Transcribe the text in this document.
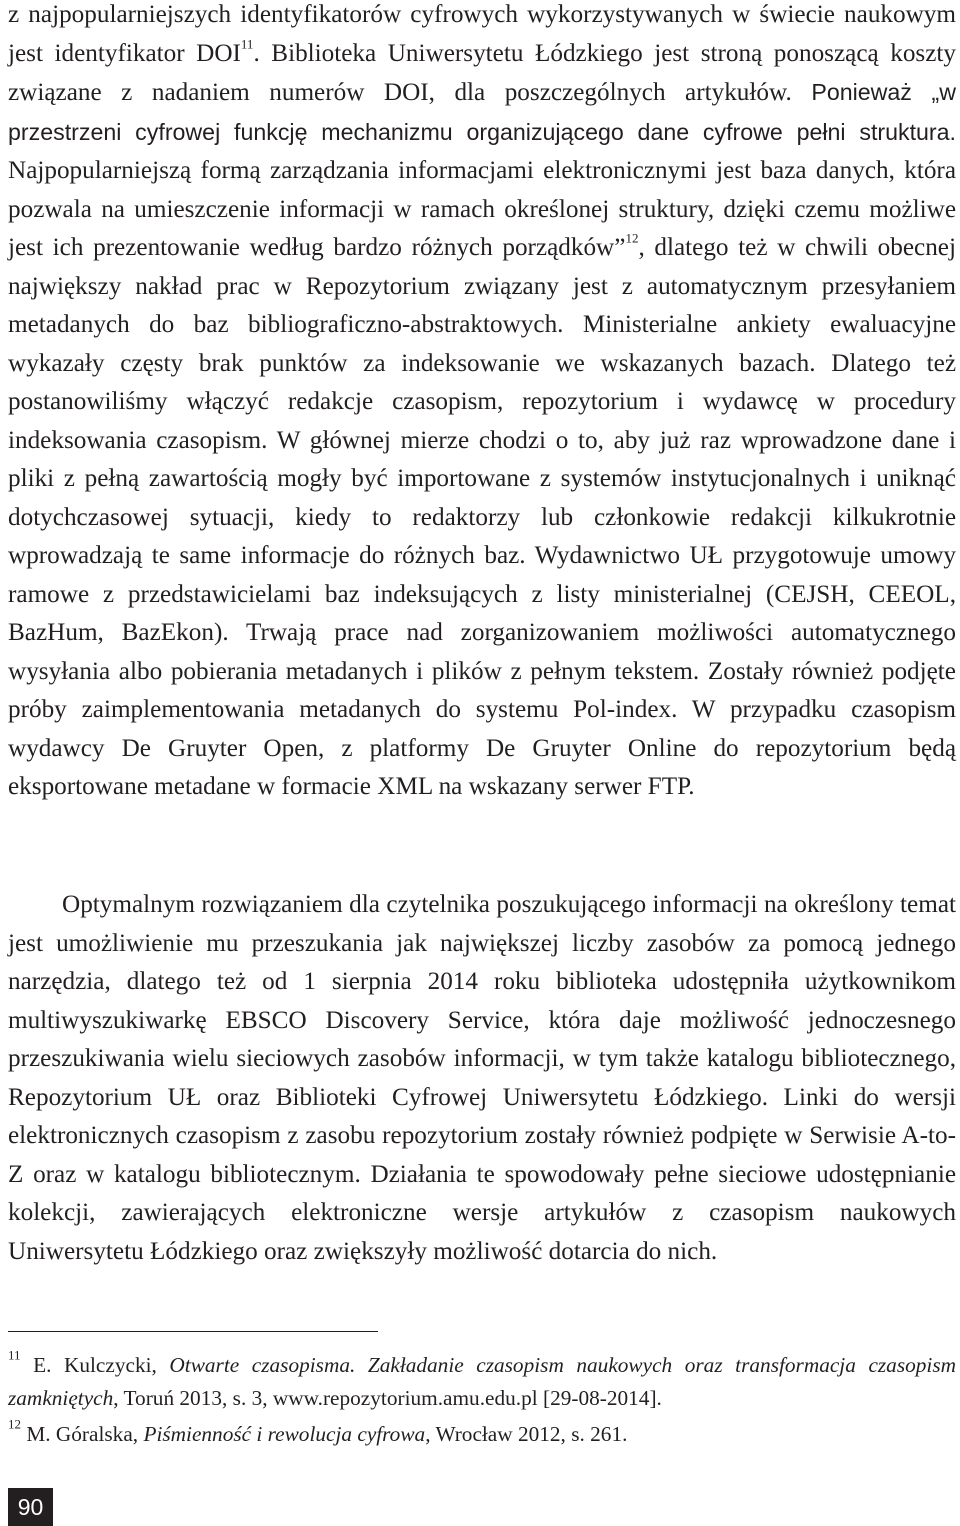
z najpopularniejszych identyfikatorów cyfrowych wykorzystywanych w świecie naukowym jest identyfikator DOI$^{11}$. Biblioteka Uniwersytetu Łódzkiego jest stroną ponoszącą koszty związane z nadaniem numerów DOI, dla poszczególnych artykułów. Ponieważ „w przestrzeni cyfrowej funkcję mechanizmu organizującego dane cyfrowe pełni struktura. Najpopularniejszą formą zarządzania informacjami elektronicznymi jest baza danych, która pozwala na umieszczenie informacji w ramach określonej struktury, dzięki czemu możliwe jest ich prezentowanie według bardzo różnych porządków”$^{12}$, dlatego też w chwili obecnej największy nakład prac w Repozytorium związany jest z automatycznym przesyłaniem metadanych do baz bibliograficzno-abstraktowych. Ministerialne ankiety ewaluacyjne wykazały częsty brak punktów za indeksowanie we wskazanych bazach. Dlatego też postanowiliśmy włączyć redakcje czasopism, repozytorium i wydawcę w procedury indeksowania czasopism. W głównej mierze chodzi o to, aby już raz wprowadzone dane i pliki z pełną zawartością mogły być importowane z systemów instytucjonalnych i uniknąć dotychczasowej sytuacji, kiedy to redaktorzy lub członkowie redakcji kilkukrotnie wprowadzają te same informacje do różnych baz. Wydawnictwo UŁ przygotowuje umowy ramowe z przedstawicielami baz indeksujących z listy ministerialnej (CEJSH, CEEOL, BazHum, BazEkon). Trwają prace nad zorganizowaniem możliwości automatycznego wysyłania albo pobierania metadanych i plików z pełnym tekstem. Zostały również podjęte próby zaimplementowania metadanych do systemu Pol-index. W przypadku czasopism wydawcy De Gruyter Open, z platformy De Gruyter Online do repozytorium będą eksportowane metadane w formacie XML na wskazany serwer FTP.

Optymalnym rozwiązaniem dla czytelnika poszukującego informacji na określony temat jest umożliwienie mu przeszukania jak największej liczby zasobów za pomocą jednego narzędzia, dlatego też od 1 sierpnia 2014 roku biblioteka udostępniła użytkownikom multiwyszukiwarkę EBSCO Discovery Service, która daje możliwość jednoczesnego przeszukiwania wielu sieciowych zasobów informacji, w tym także katalogu bibliotecznego, Repozytorium UŁ oraz Biblioteki Cyfrowej Uniwersytetu Łódzkiego. Linki do wersji elektronicznych czasopism z zasobu repozytorium zostały również podpięte w Serwisie A-to-Z oraz w katalogu bibliotecznym. Działania te spowodowały pełne sieciowe udostępnianie kolekcji, zawierających elektroniczne wersje artykułów z czasopism naukowych Uniwersytetu Łódzkiego oraz zwiększyły możliwość dotarcia do nich.

$^{11}$ E. Kulczycki, Otwarte czasopisma. Zakładanie czasopism naukowych oraz transformacja czasopism zamkniętych, Toruń 2013, s. 3, www.repozytorium.amu.edu.pl [29-08-2014].

$^{12}$ M. Góralska, Piśmienność i rewolucja cyfrowa, Wrocław 2012, s. 261.

90
